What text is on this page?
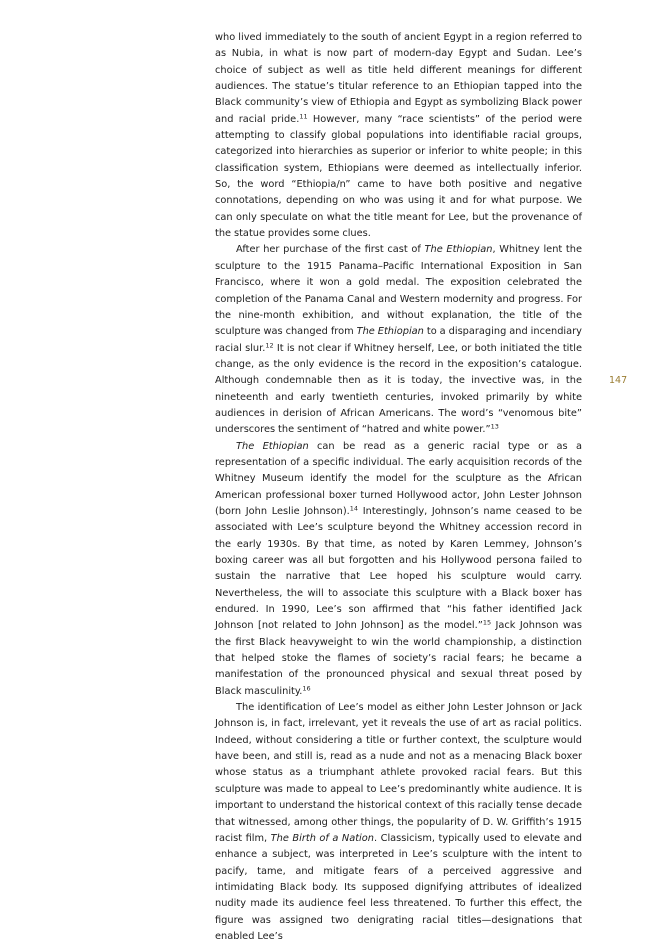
who lived immediately to the south of ancient Egypt in a region referred to as Nubia, in what is now part of modern-day Egypt and Sudan. Lee’s choice of subject as well as title held different meanings for different audiences. The statue’s titular reference to an Ethiopian tapped into the Black community’s view of Ethiopia and Egypt as symbolizing Black power and racial pride.$^{11}$ However, many “race scientists” of the period were attempting to classify global populations into identifiable racial groups, categorized into hierarchies as superior or inferior to white people; in this classification system, Ethiopians were deemed as intellectually inferior. So, the word “Ethiopia/n” came to have both positive and negative connotations, depending on who was using it and for what purpose. We can only speculate on what the title meant for Lee, but the provenance of the statue provides some clues.

After her purchase of the first cast of The Ethiopian, Whitney lent the sculpture to the 1915 Panama–Pacific International Exposition in San Francisco, where it won a gold medal. The exposition celebrated the completion of the Panama Canal and Western modernity and progress. For the nine-month exhibition, and without explanation, the title of the sculpture was changed from The Ethiopian to a disparaging and incendiary racial slur.$^{12}$ It is not clear if Whitney herself, Lee, or both initiated the title change, as the only evidence is the record in the exposition’s catalogue. Although condemnable then as it is today, the invective was, in the nineteenth and early twentieth centuries, invoked primarily by white audiences in derision of African Americans. The word’s “venomous bite” underscores the sentiment of “hatred and white power.”$^{13}$

The Ethiopian can be read as a generic racial type or as a representation of a specific individual. The early acquisition records of the Whitney Museum identify the model for the sculpture as the African American professional boxer turned Hollywood actor, John Lester Johnson (born John Leslie Johnson).$^{14}$ Interestingly, Johnson’s name ceased to be associated with Lee’s sculpture beyond the Whitney accession record in the early 1930s. By that time, as noted by Karen Lemmey, Johnson’s boxing career was all but forgotten and his Hollywood persona failed to sustain the narrative that Lee hoped his sculpture would carry. Nevertheless, the will to associate this sculpture with a Black boxer has endured. In 1990, Lee’s son affirmed that “his father identified Jack Johnson [not related to John Johnson] as the model.”$^{15}$ Jack Johnson was the first Black heavyweight to win the world championship, a distinction that helped stoke the flames of society’s racial fears; he became a manifestation of the pronounced physical and sexual threat posed by Black masculinity.$^{16}$

The identification of Lee’s model as either John Lester Johnson or Jack Johnson is, in fact, irrelevant, yet it reveals the use of art as racial politics. Indeed, without considering a title or further context, the sculpture would have been, and still is, read as a nude and not as a menacing Black boxer whose status as a triumphant athlete provoked racial fears. But this sculpture was made to appeal to Lee’s predominantly white audience. It is important to understand the historical context of this racially tense decade that witnessed, among other things, the popularity of D. W. Griffith’s 1915 racist film, The Birth of a Nation. Classicism, typically used to elevate and enhance a subject, was interpreted in Lee’s sculpture with the intent to pacify, tame, and mitigate fears of a perceived aggressive and intimidating Black body. Its supposed dignifying attributes of idealized nudity made its audience feel less threatened. To further this effect, the figure was assigned two denigrating racial titles—designations that enabled Lee’s

147
